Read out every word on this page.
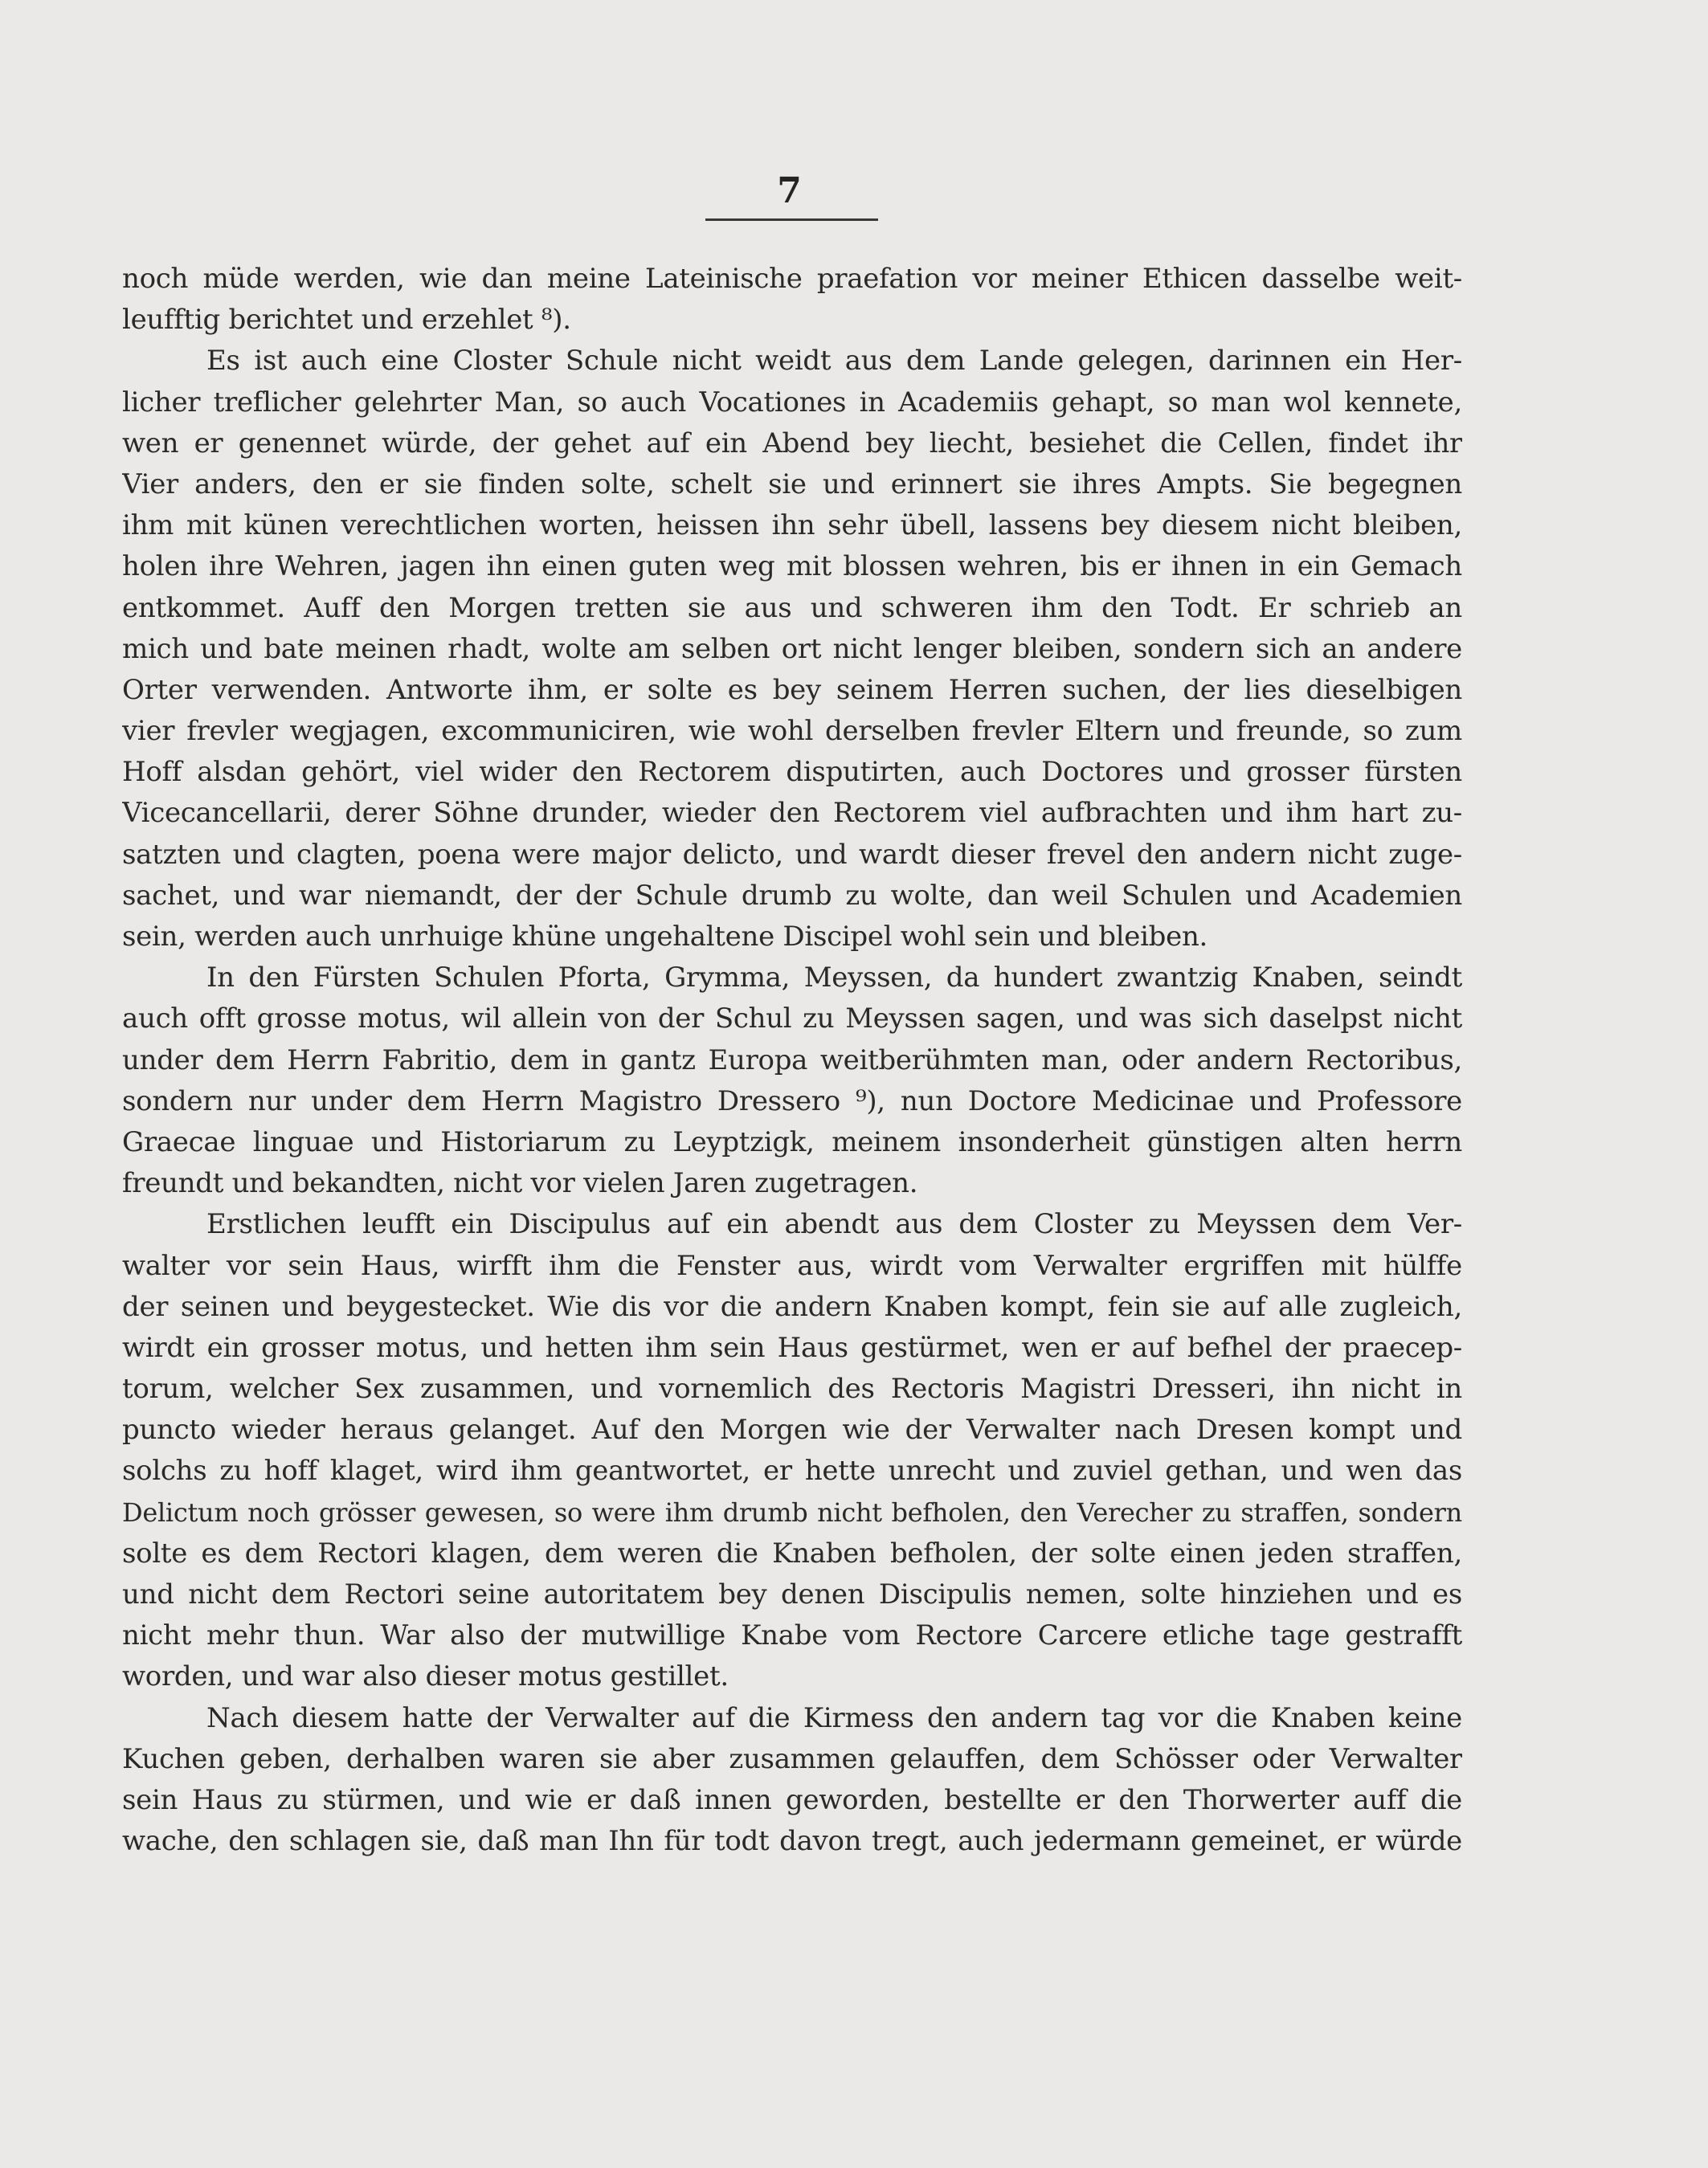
7
noch müde werden, wie dan meine Lateinische praefation vor meiner Ethicen dasselbe weit-
leufftig berichtet und erzehlet ⁸).
Es ist auch eine Closter Schule nicht weidt aus dem Lande gelegen, darinnen ein Her-
licher treflicher gelehrter Man, so auch Vocationes in Academiis gehapt, so man wol kennete,
wen er genennet würde, der gehet auf ein Abend bey liecht, besiehet die Cellen, findet ihr
Vier anders, den er sie finden solte, schelt sie und erinnert sie ihres Ampts. Sie begegnen
ihm mit künen verechtlichen worten, heissen ihn sehr übell, lassens bey diesem nicht bleiben,
holen ihre Wehren, jagen ihn einen guten weg mit blossen wehren, bis er ihnen in ein Gemach
entkommet. Auff den Morgen tretten sie aus und schweren ihm den Todt. Er schrieb an
mich und bate meinen rhadt, wolte am selben ort nicht lenger bleiben, sondern sich an andere
Orter verwenden. Antworte ihm, er solte es bey seinem Herren suchen, der lies dieselbigen
vier frevler wegjagen, excommuniciren, wie wohl derselben frevler Eltern und freunde, so zum
Hoff alsdan gehört, viel wider den Rectorem disputirten, auch Doctores und grosser fürsten
Vicecancellarii, derer Söhne drunder, wieder den Rectorem viel aufbrachten und ihm hart zu-
satzten und clagten, poena were major delicto, und wardt dieser frevel den andern nicht zuge-
sachet, und war niemandt, der der Schule drumb zu wolte, dan weil Schulen und Academien
sein, werden auch unrhuige khüne ungehaltene Discipel wohl sein und bleiben.
In den Fürsten Schulen Pforta, Grymma, Meyssen, da hundert zwantzig Knaben, seindt
auch offt grosse motus, wil allein von der Schul zu Meyssen sagen, und was sich daselpst nicht
under dem Herrn Fabritio, dem in gantz Europa weitberühmten man, oder andern Rectoribus,
sondern nur under dem Herrn Magistro Dressero ⁹), nun Doctore Medicinae und Professore
Graecae linguae und Historiarum zu Leyptzigk, meinem insonderheit günstigen alten herrn
freundt und bekandten, nicht vor vielen Jaren zugetragen.
Erstlichen leufft ein Discipulus auf ein abendt aus dem Closter zu Meyssen dem Ver-
walter vor sein Haus, wirfft ihm die Fenster aus, wirdt vom Verwalter ergriffen mit hülffe
der seinen und beygestecket. Wie dis vor die andern Knaben kompt, fein sie auf alle zugleich,
wirdt ein grosser motus, und hetten ihm sein Haus gestürmet, wen er auf befhel der praecep-
torum, welcher Sex zusammen, und vornemlich des Rectoris Magistri Dresseri, ihn nicht in
puncto wieder heraus gelanget. Auf den Morgen wie der Verwalter nach Dresen kompt und
solchs zu hoff klaget, wird ihm geantwortet, er hette unrecht und zuviel gethan, und wen das
Delictum noch grösser gewesen, so were ihm drumb nicht befholen, den Verecher zu straffen, sondern
solte es dem Rectori klagen, dem weren die Knaben befholen, der solte einen jeden straffen,
und nicht dem Rectori seine autoritatem bey denen Discipulis nemen, solte hinziehen und es
nicht mehr thun. War also der mutwillige Knabe vom Rectore Carcere etliche tage gestrafft
worden, und war also dieser motus gestillet.
Nach diesem hatte der Verwalter auf die Kirmess den andern tag vor die Knaben keine
Kuchen geben, derhalben waren sie aber zusammen gelauffen, dem Schösser oder Verwalter
sein Haus zu stürmen, und wie er daß innen geworden, bestellte er den Thorwerter auff die
wache, den schlagen sie, daß man Ihn für todt davon tregt, auch jedermann gemeinet, er würde
